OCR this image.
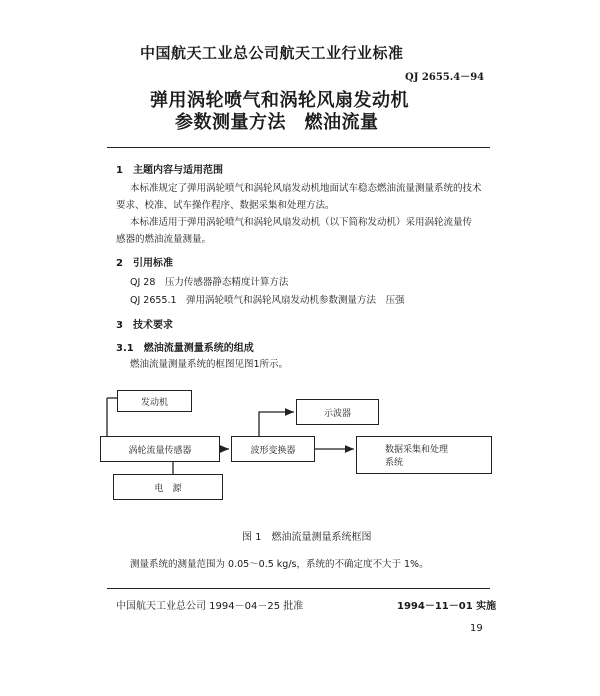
中国航天工业总公司航天工业行业标准
QJ 2655.4－94
弹用涡轮喷气和涡轮风扇发动机
参数测量方法　燃油流量
1　主题内容与适用范围
本标准规定了弹用涡轮喷气和涡轮风扇发动机地面试车稳态燃油流量测量系统的技术
要求、校准、试车操作程序、数据采集和处理方法。
本标准适用于弹用涡轮喷气和涡轮风扇发动机（以下简称发动机）采用涡轮流量传
感器的燃油流量测量。
2　引用标准
QJ 28　压力传感器静态精度计算方法
QJ 2655.1　弹用涡轮喷气和涡轮风扇发动机参数测量方法　压强
3　技术要求
3.1　燃油流量测量系统的组成
燃油流量测量系统的框图见图1所示。
发动机
涡轮流量传感器
电　源
波形变换器
示波器
数据采集和处理
系统
图 1　燃油流量测量系统框图
测量系统的测量范围为 0.05～0.5 kg/s，系统的不确定度不大于 1%。
中国航天工业总公司 1994－04－25 批准	1994－11－01 实施
19
